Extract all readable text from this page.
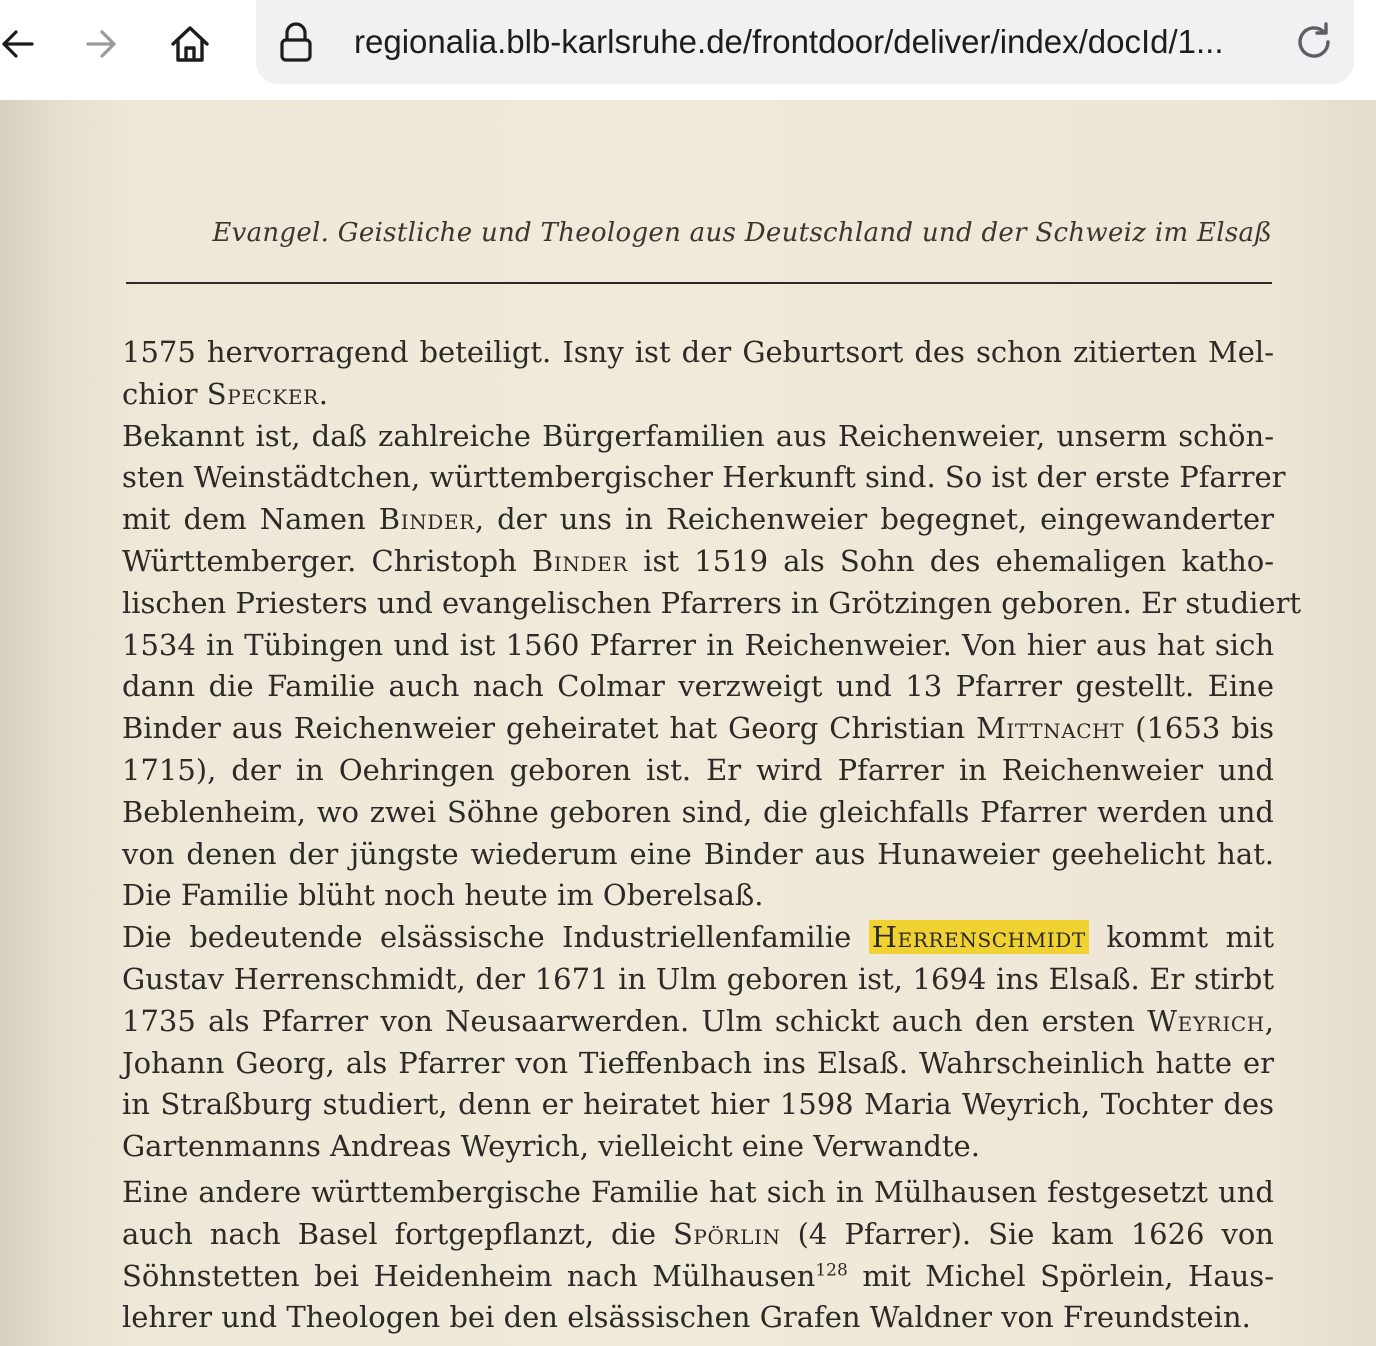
regionalia.blb-karlsruhe.de/frontdoor/deliver/index/docId/1...
Evangel. Geistliche und Theologen aus Deutschland und der Schweiz im Elsaß
1575 hervorragend beteiligt. Isny ist der Geburtsort des schon zitierten Mel-
chior Specker.
Bekannt ist, daß zahlreiche Bürgerfamilien aus Reichenweier, unserm schön-
sten Weinstädtchen, württembergischer Herkunft sind. So ist der erste Pfarrer
mit dem Namen Binder, der uns in Reichenweier begegnet, eingewanderter
Württemberger. Christoph Binder ist 1519 als Sohn des ehemaligen katho-
lischen Priesters und evangelischen Pfarrers in Grötzingen geboren. Er studiert
1534 in Tübingen und ist 1560 Pfarrer in Reichenweier. Von hier aus hat sich
dann die Familie auch nach Colmar verzweigt und 13 Pfarrer gestellt. Eine
Binder aus Reichenweier geheiratet hat Georg Christian Mittnacht (1653 bis
1715), der in Oehringen geboren ist. Er wird Pfarrer in Reichenweier und
Beblenheim, wo zwei Söhne geboren sind, die gleichfalls Pfarrer werden und
von denen der jüngste wiederum eine Binder aus Hunaweier geehelicht hat.
Die Familie blüht noch heute im Oberelsaß.
Die bedeutende elsässische Industriellenfamilie Herrenschmidt kommt mit
Gustav Herrenschmidt, der 1671 in Ulm geboren ist, 1694 ins Elsaß. Er stirbt
1735 als Pfarrer von Neusaarwerden. Ulm schickt auch den ersten Weyrich,
Johann Georg, als Pfarrer von Tieffenbach ins Elsaß. Wahrscheinlich hatte er
in Straßburg studiert, denn er heiratet hier 1598 Maria Weyrich, Tochter des
Gartenmanns Andreas Weyrich, vielleicht eine Verwandte.
Eine andere württembergische Familie hat sich in Mülhausen festgesetzt und
auch nach Basel fortgepflanzt, die Spörlin (4 Pfarrer). Sie kam 1626 von
Söhnstetten bei Heidenheim nach Mülhausen$^{128}$ mit Michel Spörlein, Haus-
lehrer und Theologen bei den elsässischen Grafen Waldner von Freundstein.
